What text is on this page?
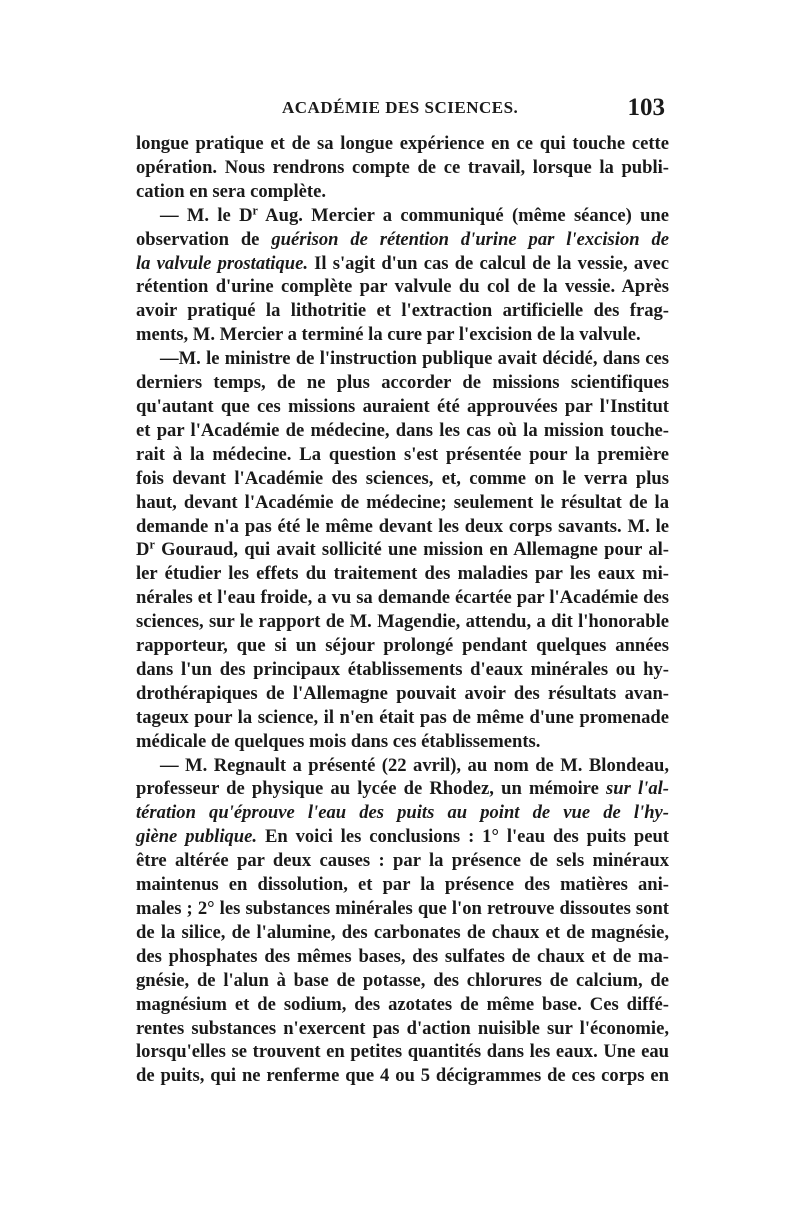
ACADÉMIE DES SCIENCES.	103
longue pratique et de sa longue expérience en ce qui touche cette
opération. Nous rendrons compte de ce travail, lorsque la publi-
cation en sera complète.
— M. le $D^r$ Aug. Mercier a communiqué (même séance) une
observation de guérison de rétention d'urine par l'excision de
la valvule prostatique. Il s'agit d'un cas de calcul de la vessie, avec
rétention d'urine complète par valvule du col de la vessie. Après
avoir pratiqué la lithotritie et l'extraction artificielle des frag-
ments, M. Mercier a terminé la cure par l'excision de la valvule.
—M. le ministre de l'instruction publique avait décidé, dans ces
derniers temps, de ne plus accorder de missions scientifiques
qu'autant que ces missions auraient été approuvées par l'Institut
et par l'Académie de médecine, dans les cas où la mission touche-
rait à la médecine. La question s'est présentée pour la première
fois devant l'Académie des sciences, et, comme on le verra plus
haut, devant l'Académie de médecine; seulement le résultat de la
demande n'a pas été le même devant les deux corps savants. M. le
$D^r$ Gouraud, qui avait sollicité une mission en Allemagne pour al-
ler étudier les effets du traitement des maladies par les eaux mi-
nérales et l'eau froide, a vu sa demande écartée par l'Académie des
sciences, sur le rapport de M. Magendie, attendu, a dit l'honorable
rapporteur, que si un séjour prolongé pendant quelques années
dans l'un des principaux établissements d'eaux minérales ou hy-
drothérapiques de l'Allemagne pouvait avoir des résultats avan-
tageux pour la science, il n'en était pas de même d'une promenade
médicale de quelques mois dans ces établissements.
— M. Regnault a présenté (22 avril), au nom de M. Blondeau,
professeur de physique au lycée de Rhodez, un mémoire sur l'al-
tération qu'éprouve l'eau des puits au point de vue de l'hy-
giène publique. En voici les conclusions : 1° l'eau des puits peut
être altérée par deux causes : par la présence de sels minéraux
maintenus en dissolution, et par la présence des matières ani-
males ; 2° les substances minérales que l'on retrouve dissoutes sont
de la silice, de l'alumine, des carbonates de chaux et de magnésie,
des phosphates des mêmes bases, des sulfates de chaux et de ma-
gnésie, de l'alun à base de potasse, des chlorures de calcium, de
magnésium et de sodium, des azotates de même base. Ces diffé-
rentes substances n'exercent pas d'action nuisible sur l'économie,
lorsqu'elles se trouvent en petites quantités dans les eaux. Une eau
de puits, qui ne renferme que 4 ou 5 décigrammes de ces corps en
